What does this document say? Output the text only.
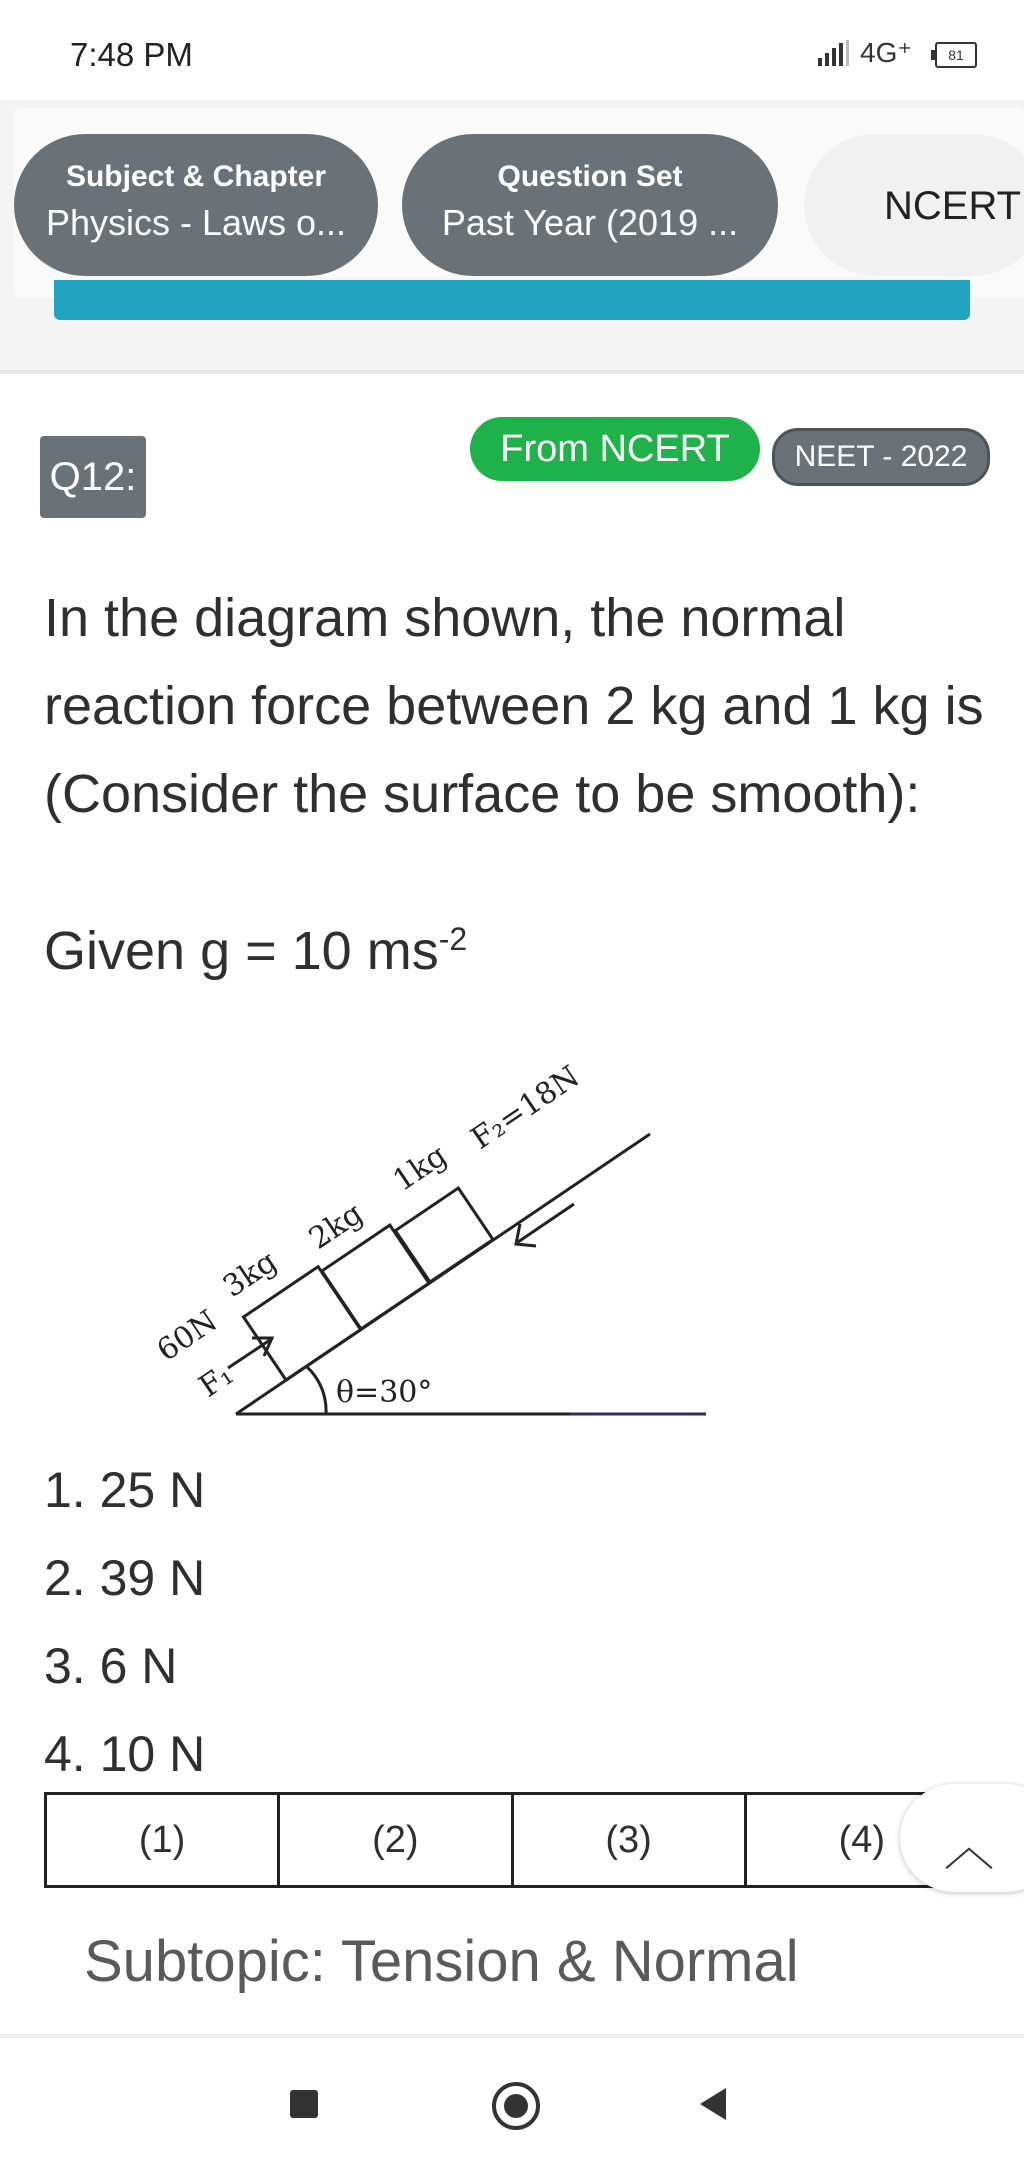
7:48 PM	4G⁺	81
Subject & Chapter
Physics - Laws o...
Question Set
Past Year (2019 ...	NCERT
Q12:
From NCERT	NEET - 2022
In the diagram shown, the normal reaction force between 2 kg and 1 kg is (Consider the surface to be smooth):
Given g = 10 $ms^{-2}$
3kg
2kg
1kg
F₂=18N
60N
F₁	θ=30°
1. 25 N
2. 39 N
3. 6 N
4. 10 N
(1)	(2)	(3)	(4)	︿
Subtopic: Tension & Normal
